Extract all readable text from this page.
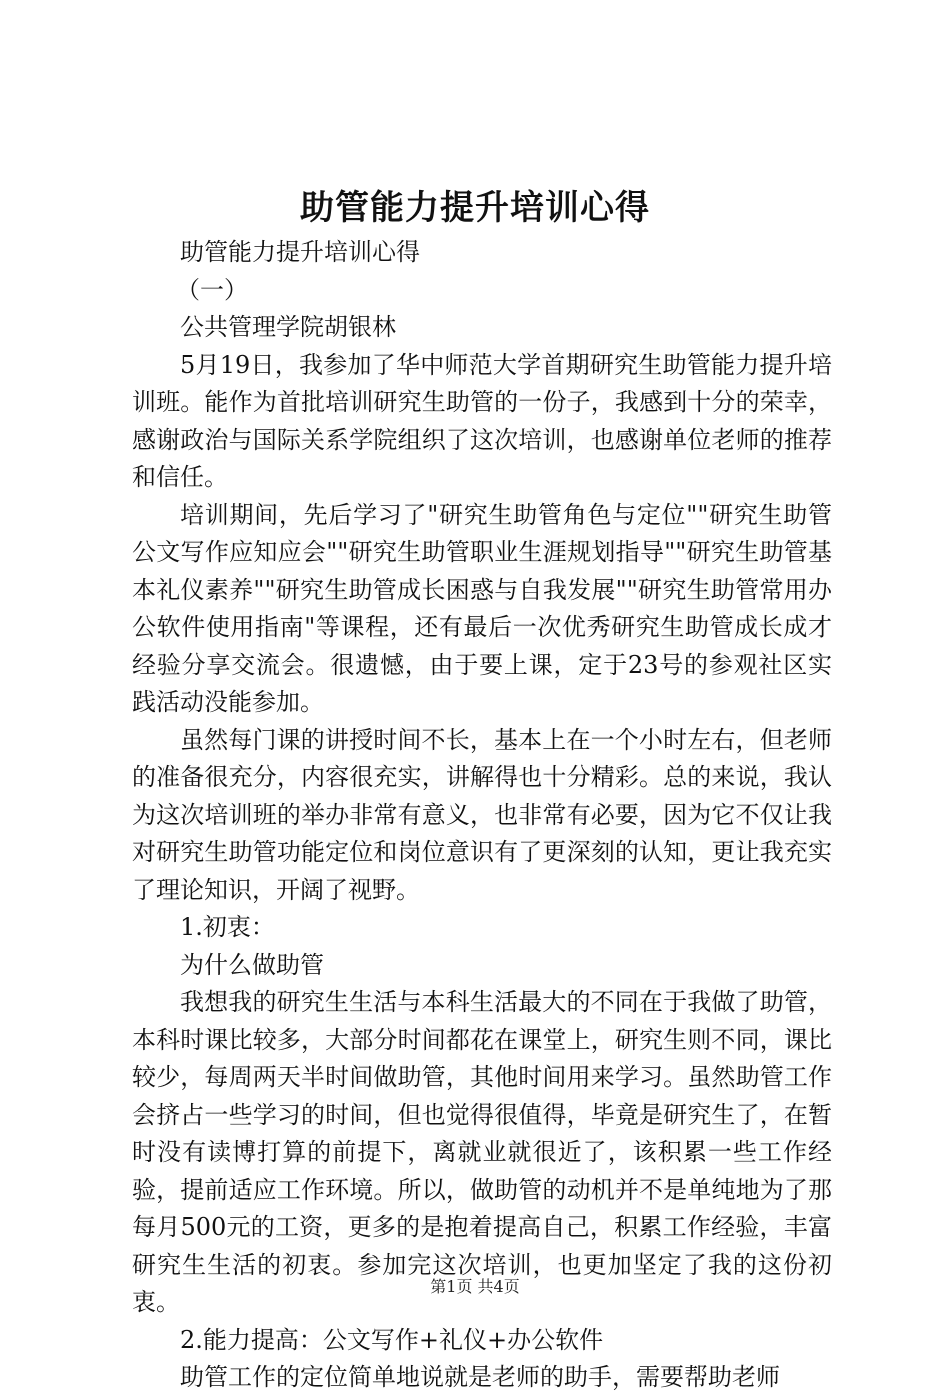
助管能力提升培训心得
助管能力提升培训心得
（一）
公共管理学院胡银林
5月19日，我参加了华中师范大学首期研究生助管能力提升培训班。能作为首批培训研究生助管的一份子，我感到十分的荣幸，感谢政治与国际关系学院组织了这次培训，也感谢单位老师的推荐和信任。
培训期间，先后学习了"研究生助管角色与定位""研究生助管公文写作应知应会""研究生助管职业生涯规划指导""研究生助管基本礼仪素养""研究生助管成长困惑与自我发展""研究生助管常用办公软件使用指南"等课程，还有最后一次优秀研究生助管成长成才经验分享交流会。很遗憾，由于要上课，定于23号的参观社区实践活动没能参加。
虽然每门课的讲授时间不长，基本上在一个小时左右，但老师的准备很充分，内容很充实，讲解得也十分精彩。总的来说，我认为这次培训班的举办非常有意义，也非常有必要，因为它不仅让我对研究生助管功能定位和岗位意识有了更深刻的认知，更让我充实了理论知识，开阔了视野。
1.初衷：
为什么做助管
我想我的研究生生活与本科生活最大的不同在于我做了助管，本科时课比较多，大部分时间都花在课堂上，研究生则不同，课比较少，每周两天半时间做助管，其他时间用来学习。虽然助管工作会挤占一些学习的时间，但也觉得很值得，毕竟是研究生了，在暂时没有读博打算的前提下，离就业就很近了，该积累一些工作经验，提前适应工作环境。所以，做助管的动机并不是单纯地为了那每月500元的工资，更多的是抱着提高自己，积累工作经验，丰富研究生生活的初衷。参加完这次培训，也更加坚定了我的这份初衷。
2.能力提高：公文写作+礼仪+办公软件
助管工作的定位简单地说就是老师的助手，需要帮助老师
第1页 共4页
